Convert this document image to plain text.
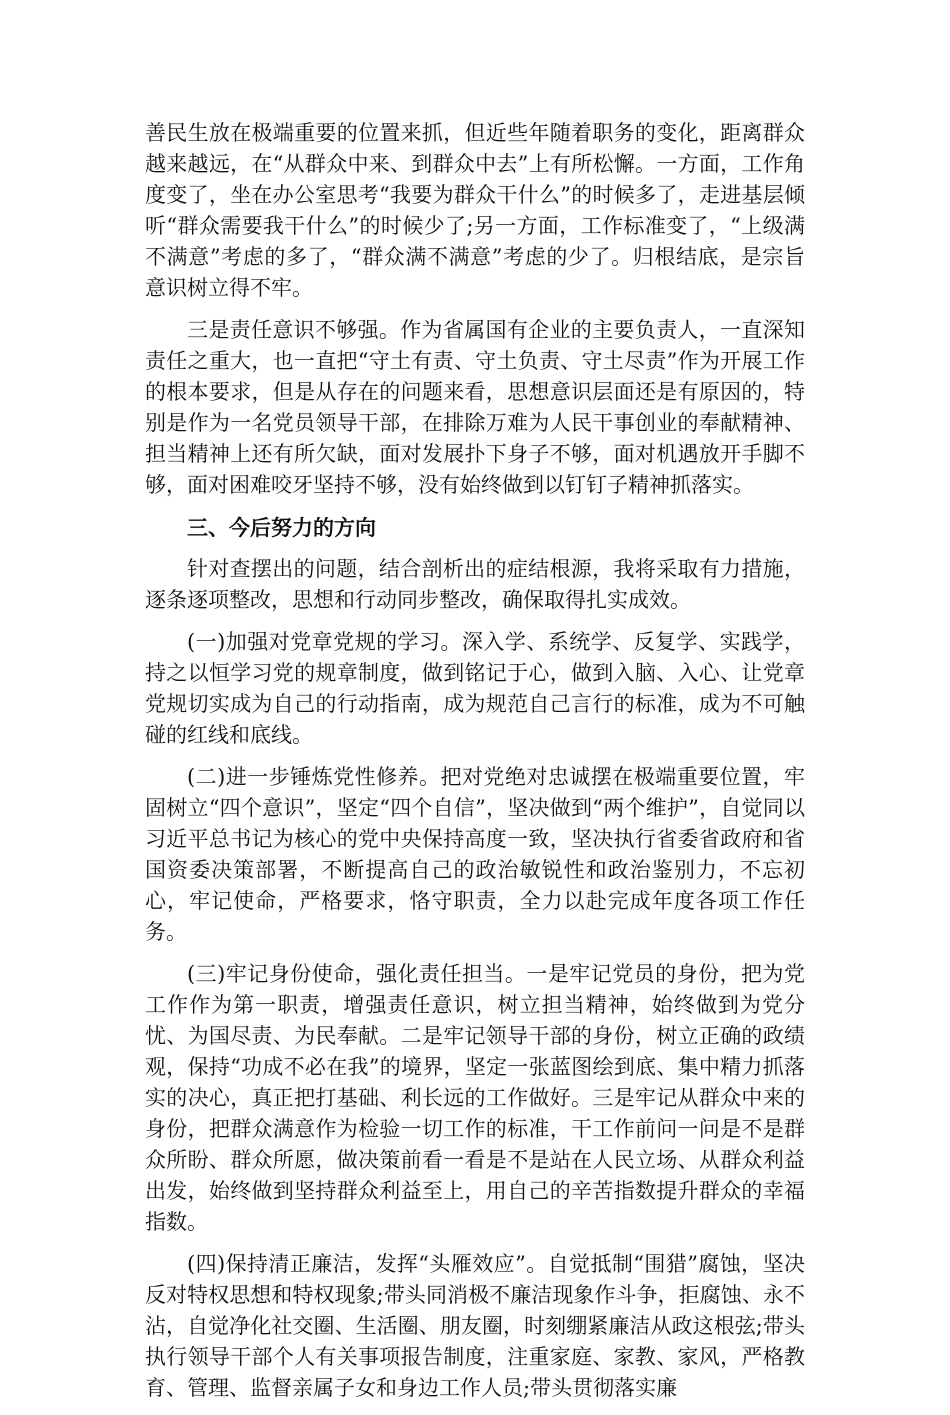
善民生放在极端重要的位置来抓，但近些年随着职务的变化，距离群众越来越远，在“从群众中来、到群众中去”上有所松懈。一方面，工作角度变了，坐在办公室思考“我要为群众干什么”的时候多了，走进基层倾听“群众需要我干什么”的时候少了;另一方面，工作标准变了，“上级满不满意”考虑的多了，“群众满不满意”考虑的少了。归根结底，是宗旨意识树立得不牢。

三是责任意识不够强。作为省属国有企业的主要负责人，一直深知责任之重大，也一直把“守土有责、守土负责、守土尽责”作为开展工作的根本要求，但是从存在的问题来看，思想意识层面还是有原因的，特别是作为一名党员领导干部，在排除万难为人民干事创业的奉献精神、担当精神上还有所欠缺，面对发展扑下身子不够，面对机遇放开手脚不够，面对困难咬牙坚持不够，没有始终做到以钉钉子精神抓落实。

三、今后努力的方向

针对查摆出的问题，结合剖析出的症结根源，我将采取有力措施，逐条逐项整改，思想和行动同步整改，确保取得扎实成效。

(一)加强对党章党规的学习。深入学、系统学、反复学、实践学，持之以恒学习党的规章制度，做到铭记于心，做到入脑、入心、让党章党规切实成为自己的行动指南，成为规范自己言行的标准，成为不可触碰的红线和底线。

(二)进一步锤炼党性修养。把对党绝对忠诚摆在极端重要位置，牢固树立“四个意识”，坚定“四个自信”，坚决做到“两个维护”，自觉同以习近平总书记为核心的党中央保持高度一致，坚决执行省委省政府和省国资委决策部署，不断提高自己的政治敏锐性和政治鉴别力，不忘初心，牢记使命，严格要求，恪守职责，全力以赴完成年度各项工作任务。

(三)牢记身份使命，强化责任担当。一是牢记党员的身份，把为党工作作为第一职责，增强责任意识，树立担当精神，始终做到为党分忧、为国尽责、为民奉献。二是牢记领导干部的身份，树立正确的政绩观，保持“功成不必在我”的境界，坚定一张蓝图绘到底、集中精力抓落实的决心，真正把打基础、利长远的工作做好。三是牢记从群众中来的身份，把群众满意作为检验一切工作的标准，干工作前问一问是不是群众所盼、群众所愿，做决策前看一看是不是站在人民立场、从群众利益出发，始终做到坚持群众利益至上，用自己的辛苦指数提升群众的幸福指数。

(四)保持清正廉洁，发挥“头雁效应”。自觉抵制“围猎”腐蚀，坚决反对特权思想和特权现象;带头同消极不廉洁现象作斗争，拒腐蚀、永不沾，自觉净化社交圈、生活圈、朋友圈，时刻绷紧廉洁从政这根弦;带头执行领导干部个人有关事项报告制度，注重家庭、家教、家风，严格教育、管理、监督亲属子女和身边工作人员;带头贯彻落实廉
